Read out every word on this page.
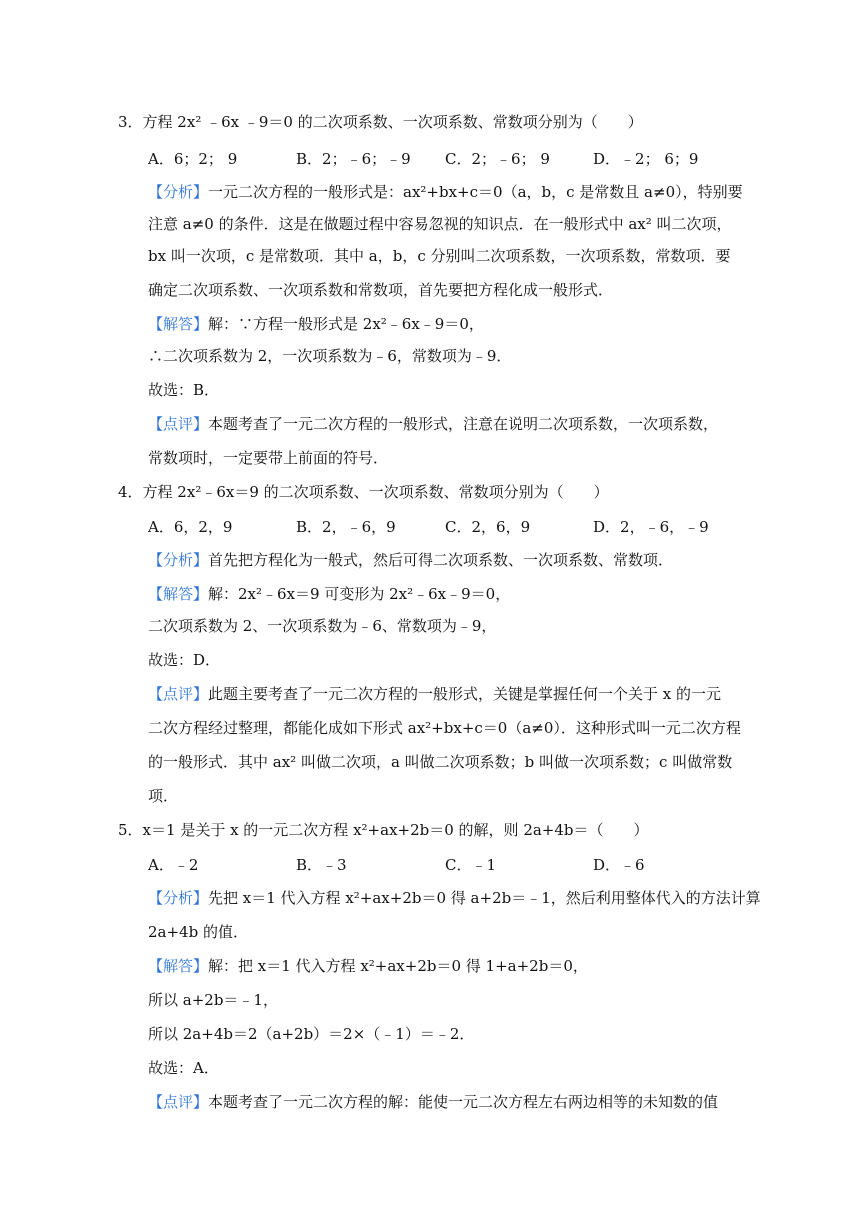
3．方程 2x² ﹣6x ﹣9＝0 的二次项系数、一次项系数、常数项分别为（　　）
A．6；2； 9	B．2；﹣6；﹣9 C．2；﹣6； 9	D．﹣2； 6；9
【分析】一元二次方程的一般形式是：ax²+bx+c＝0（a，b，c 是常数且 a≠0），特别要
注意 a≠0 的条件．这是在做题过程中容易忽视的知识点．在一般形式中 ax² 叫二次项，
bx 叫一次项，c 是常数项．其中 a，b，c 分别叫二次项系数，一次项系数，常数项．要
确定二次项系数、一次项系数和常数项，首先要把方程化成一般形式．
【解答】解：∵方程一般形式是 2x²﹣6x﹣9＝0，
∴二次项系数为 2，一次项系数为﹣6，常数项为﹣9．
故选：B．
【点评】本题考查了一元二次方程的一般形式，注意在说明二次项系数，一次项系数，
常数项时，一定要带上前面的符号．
4．方程 2x²﹣6x＝9 的二次项系数、一次项系数、常数项分别为（　　）
A．6，2，9	B．2，﹣6，9	C．2，6，9	D．2，﹣6，﹣9
【分析】首先把方程化为一般式，然后可得二次项系数、一次项系数、常数项．
【解答】解：2x²﹣6x＝9 可变形为 2x²﹣6x﹣9＝0，
二次项系数为 2、一次项系数为﹣6、常数项为﹣9，
故选：D．
【点评】此题主要考查了一元二次方程的一般形式，关键是掌握任何一个关于 x 的一元
二次方程经过整理，都能化成如下形式 ax²+bx+c＝0（a≠0）．这种形式叫一元二次方程
的一般形式．其中 ax² 叫做二次项，a 叫做二次项系数；b 叫做一次项系数；c 叫做常数
项．
5．x＝1 是关于 x 的一元二次方程 x²+ax+2b＝0 的解，则 2a+4b＝（　　）
A．﹣2	B．﹣3	C．﹣1	D．﹣6
【分析】先把 x＝1 代入方程 x²+ax+2b＝0 得 a+2b＝﹣1，然后利用整体代入的方法计算
2a+4b 的值．
【解答】解：把 x＝1 代入方程 x²+ax+2b＝0 得 1+a+2b＝0，
所以 a+2b＝﹣1，
所以 2a+4b＝2（a+2b）＝2×（﹣1）＝﹣2．
故选：A．
【点评】本题考查了一元二次方程的解：能使一元二次方程左右两边相等的未知数的值
